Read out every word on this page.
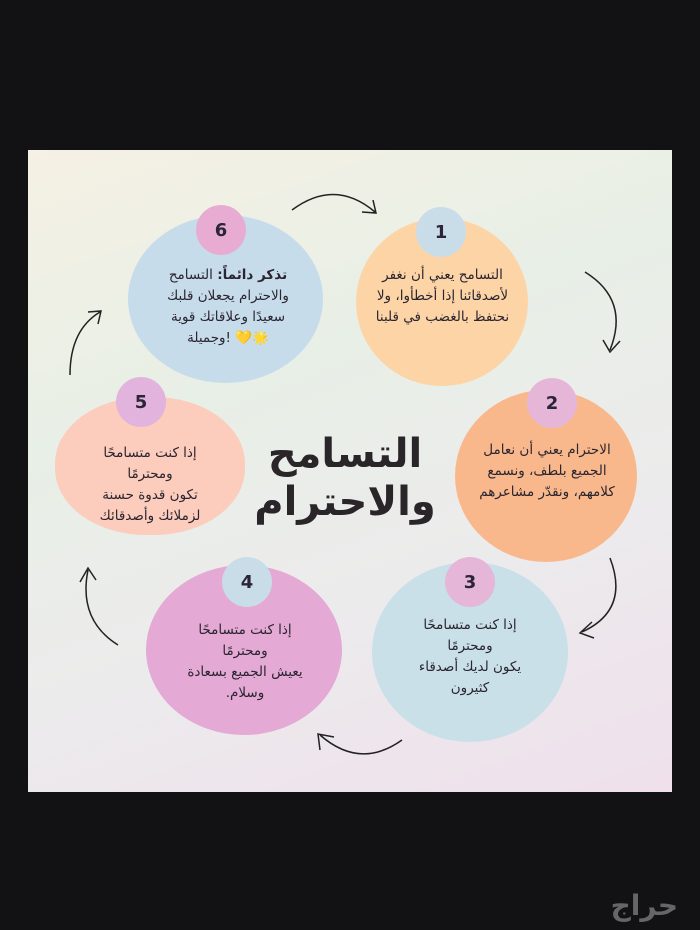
1
2
3
4
5
6
التسامح يعني أن نغفر
لأصدقائنا إذا أخطأوا، ولا
نحتفظ بالغضب في قلبنا
الاحترام يعني أن نعامل
الجميع بلطف، ونسمع
كلامهم، ونقدّر مشاعرهم
إذا كنت متسامحًا
ومحترمًا
يكون لديك أصدقاء
كثيرون
إذا كنت متسامحًا
ومحترمًا
يعيش الجميع بسعادة
وسلام.
إذا كنت متسامحًا
ومحترمًا
تكون قدوة حسنة
لزملائك وأصدقائك
تذكر دائماً: التسامح
والاحترام يجعلان قلبك
سعيدًا وعلاقاتك قوية
🌟💛 !وجميلة
التسامح
والاحترام
حراج
